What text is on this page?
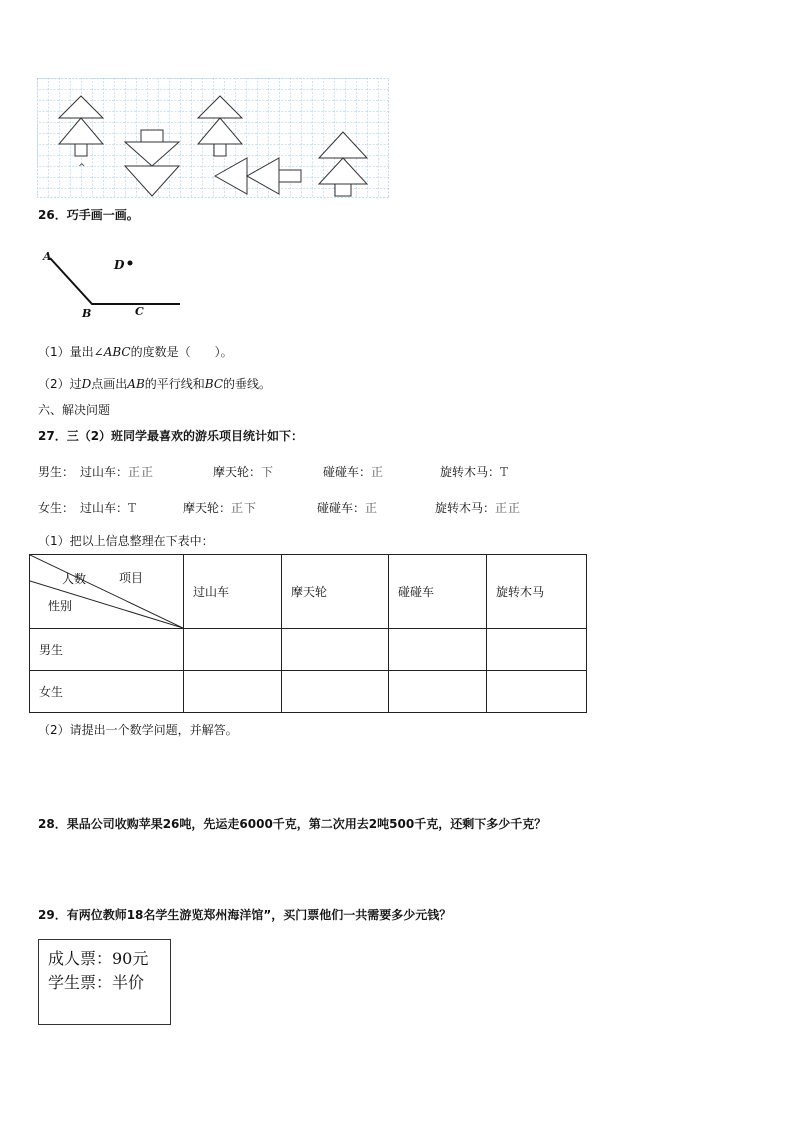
^
26．巧手画一画。
A
D
B	C
（1）量出∠ABC的度数是（　　）。
（2）过D点画出AB的平行线和BC的垂线。
六、解决问题
27．三（2）班同学最喜欢的游乐项目统计如下：
男生： 过山车：正正	摩天轮：下	碰碰车：正	旋转木马：T
女生： 过山车：T	摩天轮：正下	碰碰车：正	旋转木马：正正
（1）把以上信息整理在下表中：
人数 项目
性别	过山车	摩天轮	碰碰车	旋转木马
男生				
女生				
（2）请提出一个数学问题，并解答。
28．果品公司收购苹果26吨，先运走6000千克，第二次用去2吨500千克，还剩下多少千克？
29．有两位教师18名学生游览郑州海洋馆”，买门票他们一共需要多少元钱？
成人票：90元
学生票：半价
